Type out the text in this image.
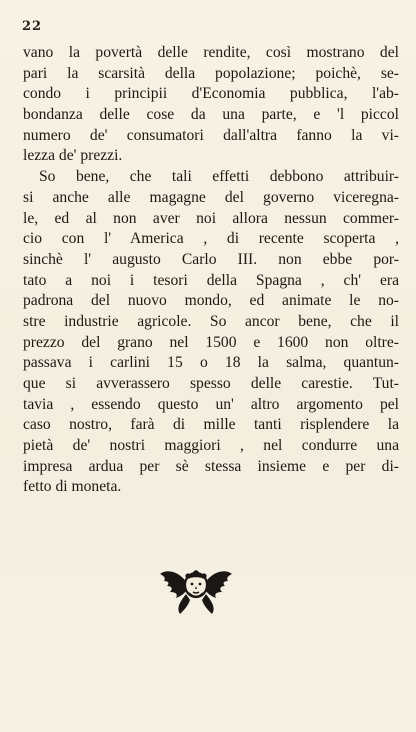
22
vano la povertà delle rendite, così mostrano del
pari la scarsità della popolazione; poichè, se-
condo i principii d'Economia pubblica, l'ab-
bondanza delle cose da una parte, e 'l piccol
numero de' consumatori dall'altra fanno la vi-
lezza de' prezzi.
So bene, che tali effetti debbono attribuir-
si anche alle magagne del governo viceregna-
le, ed al non aver noi allora nessun commer-
cio con l' America , di recente scoperta ,
sinchè l' augusto Carlo III. non ebbe por-
tato a noi i tesori della Spagna , ch' era
padrona del nuovo mondo, ed animate le no-
stre industrie agricole. So ancor bene, che il
prezzo del grano nel 1500 e 1600 non oltre-
passava i carlini 15 o 18 la salma, quantun-
que si avverassero spesso delle carestie. Tut-
tavia , essendo questo un' altro argomento pel
caso nostro, farà di mille tanti risplendere la
pietà de' nostri maggiori , nel condurre una
impresa ardua per sè stessa insieme e per di-
fetto di moneta.
